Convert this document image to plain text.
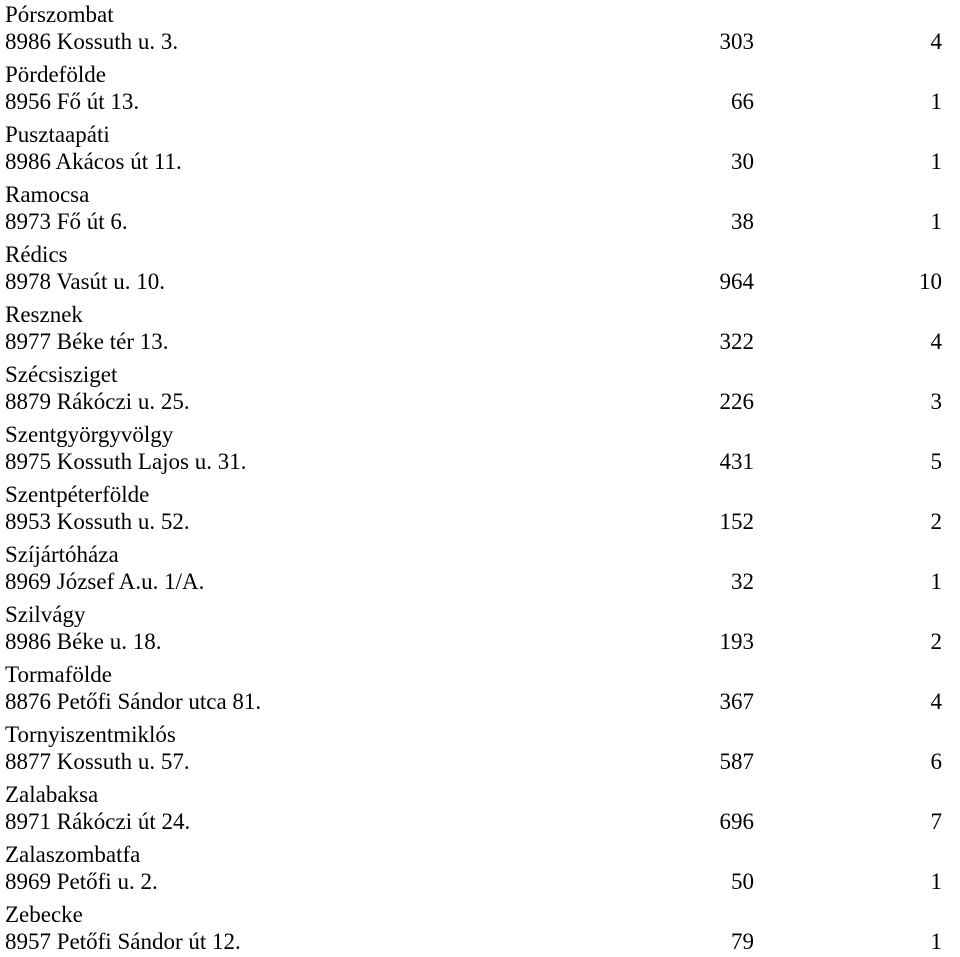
Pórszombat
8986 Kossuth u. 3.	303	4
Pördefölde
8956 Fő út 13.	66	1
Pusztaapáti
8986 Akácos út 11.	30	1
Ramocsa
8973 Fő út 6.	38	1
Rédics
8978 Vasút u. 10.	964	10
Resznek
8977 Béke tér 13.	322	4
Szécsisziget
8879 Rákóczi u. 25.	226	3
Szentgyörgyvölgy
8975 Kossuth Lajos u. 31.	431	5
Szentpéterfölde
8953 Kossuth u. 52.	152	2
Szíjártóháza
8969 József A.u. 1/A.	32	1
Szilvágy
8986 Béke u. 18.	193	2
Tormafölde
8876 Petőfi Sándor utca 81.	367	4
Tornyiszentmiklós
8877 Kossuth u. 57.	587	6
Zalabaksa
8971 Rákóczi út 24.	696	7
Zalaszombatfa
8969 Petőfi u. 2.	50	1
Zebecke
8957 Petőfi Sándor út 12.	79	1
